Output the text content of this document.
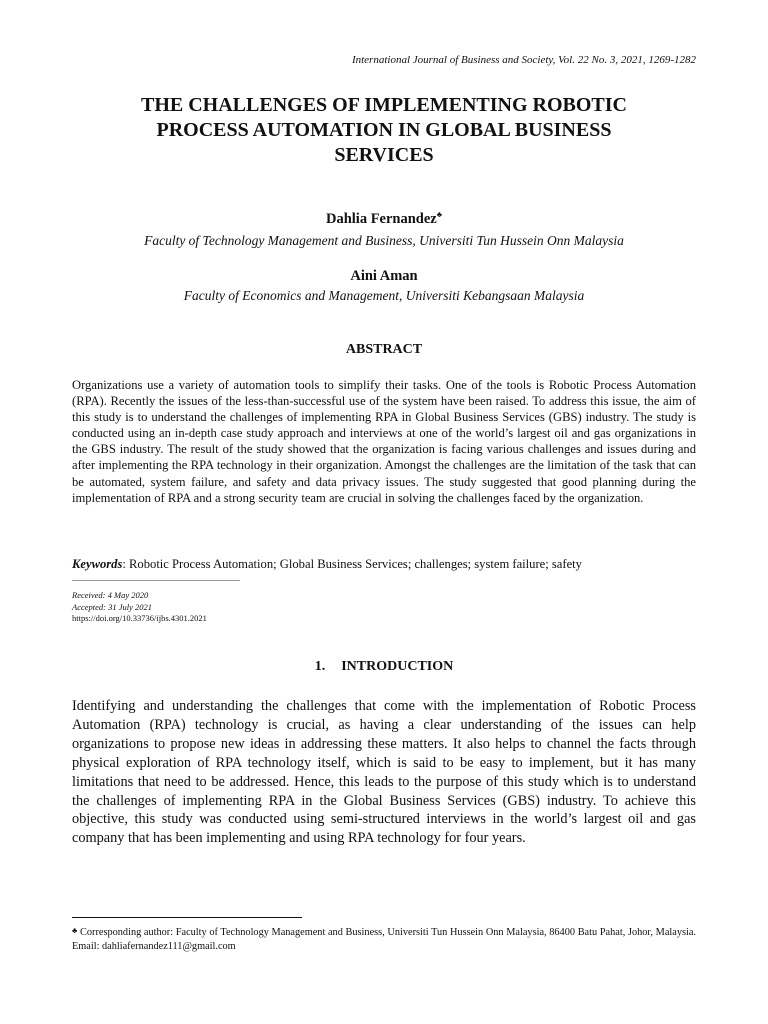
International Journal of Business and Society, Vol. 22 No. 3, 2021, 1269-1282
THE CHALLENGES OF IMPLEMENTING ROBOTIC
PROCESS AUTOMATION IN GLOBAL BUSINESS
SERVICES
Dahlia Fernandez♣
Faculty of Technology Management and Business, Universiti Tun Hussein Onn Malaysia
Aini Aman
Faculty of Economics and Management, Universiti Kebangsaan Malaysia
ABSTRACT
Organizations use a variety of automation tools to simplify their tasks. One of the tools is Robotic Process Automation (RPA). Recently the issues of the less-than-successful use of the system have been raised. To address this issue, the aim of this study is to understand the challenges of implementing RPA in Global Business Services (GBS) industry. The study is conducted using an in-depth case study approach and interviews at one of the world’s largest oil and gas organizations in the GBS industry. The result of the study showed that the organization is facing various challenges and issues during and after implementing the RPA technology in their organization. Amongst the challenges are the limitation of the task that can be automated, system failure, and safety and data privacy issues. The study suggested that good planning during the implementation of RPA and a strong security team are crucial in solving the challenges faced by the organization.
Keywords: Robotic Process Automation; Global Business Services; challenges; system failure; safety
Received: 4 May 2020
Accepted: 31 July 2021
https://doi.org/10.33736/ijbs.4301.2021
1. INTRODUCTION
Identifying and understanding the challenges that come with the implementation of Robotic Process Automation (RPA) technology is crucial, as having a clear understanding of the issues can help organizations to propose new ideas in addressing these matters. It also helps to channel the facts through physical exploration of RPA technology itself, which is said to be easy to implement, but it has many limitations that need to be addressed. Hence, this leads to the purpose of this study which is to understand the challenges of implementing RPA in the Global Business Services (GBS) industry. To achieve this objective, this study was conducted using semi-structured interviews in the world’s largest oil and gas company that has been implementing and using RPA technology for four years.
♣ Corresponding author: Faculty of Technology Management and Business, Universiti Tun Hussein Onn Malaysia, 86400 Batu Pahat, Johor, Malaysia. Email: dahliafernandez111@gmail.com
